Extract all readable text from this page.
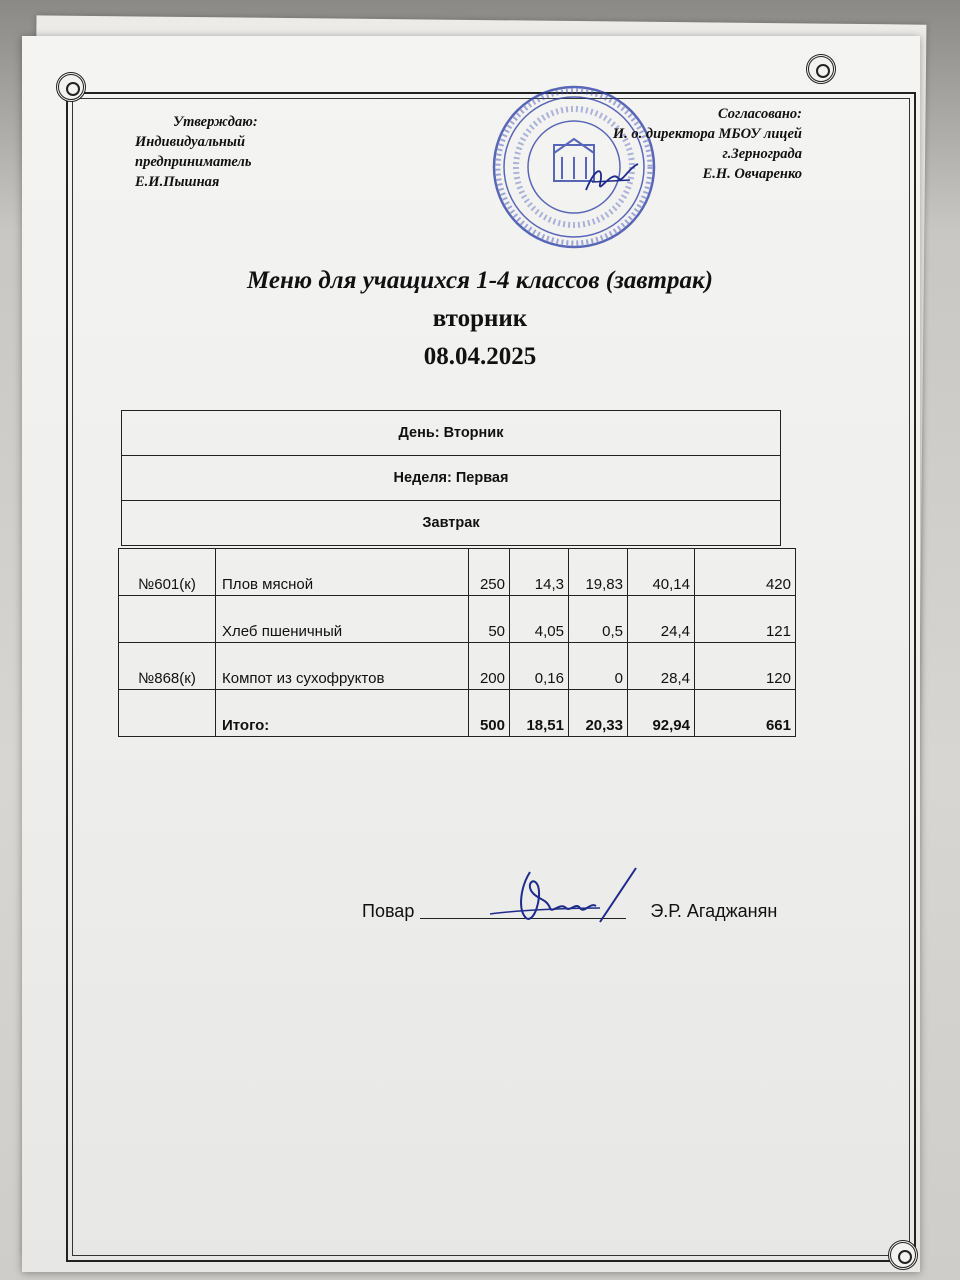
Утверждаю:
Индивидуальный
предприниматель
Е.И.Пышная
Согласовано:
И. о. директора МБОУ лицей
г.Зернограда
Е.Н. Овчаренко
Меню для учащихся 1-4 классов (завтрак)
вторник
08.04.2025
День: Вторник
Неделя: Первая
Завтрак
№601(к)	Плов мясной	250	14,3	19,83	40,14	420
	Хлеб пшеничный	50	4,05	0,5	24,4	121
№868(к)	Компот из сухофруктов	200	0,16	0	28,4	120
	Итого:	500	18,51	20,33	92,94	661
Повар	Э.Р. Агаджанян
